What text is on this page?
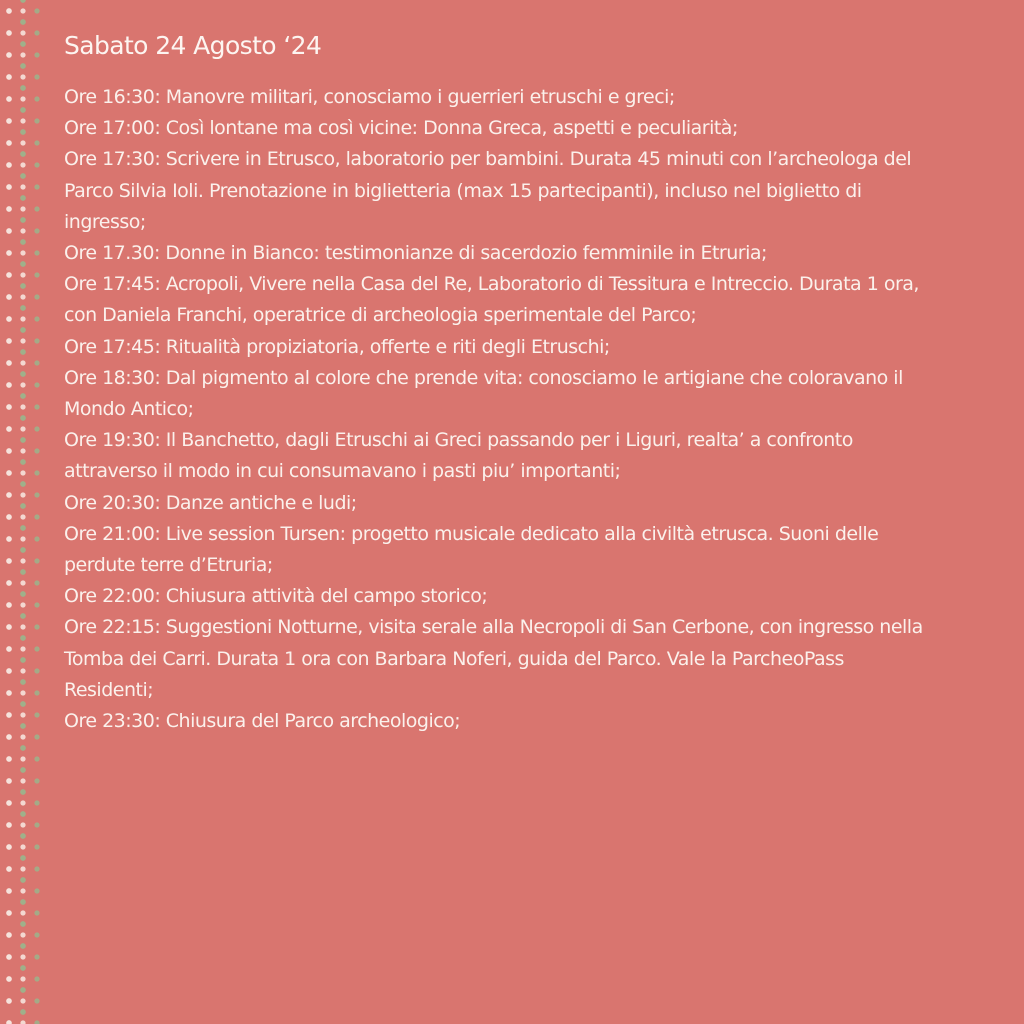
Sabato 24 Agosto ‘24

Ore 16:30: Manovre militari, conosciamo i guerrieri etruschi e greci;

Ore 17:00: Così lontane ma così vicine: Donna Greca, aspetti e peculiarità;

Ore 17:30: Scrivere in Etrusco, laboratorio per bambini. Durata 45 minuti con l’archeologa del

Parco Silvia Ioli. Prenotazione in biglietteria (max 15 partecipanti), incluso nel biglietto di

ingresso;

Ore 17.30: Donne in Bianco: testimonianze di sacerdozio femminile in Etruria;

Ore 17:45: Acropoli, Vivere nella Casa del Re, Laboratorio di Tessitura e Intreccio. Durata 1 ora,

con Daniela Franchi, operatrice di archeologia sperimentale del Parco;

Ore 17:45: Ritualità propiziatoria, offerte e riti degli Etruschi;

Ore 18:30: Dal pigmento al colore che prende vita: conosciamo le artigiane che coloravano il

Mondo Antico;

Ore 19:30: Il Banchetto, dagli Etruschi ai Greci passando per i Liguri, realta’ a confronto

attraverso il modo in cui consumavano i pasti piu’ importanti;

Ore 20:30: Danze antiche e ludi;

Ore 21:00: Live session Tursen: progetto musicale dedicato alla civiltà etrusca. Suoni delle

perdute terre d’Etruria;

Ore 22:00: Chiusura attività del campo storico;

Ore 22:15: Suggestioni Notturne, visita serale alla Necropoli di San Cerbone, con ingresso nella

Tomba dei Carri. Durata 1 ora con Barbara Noferi, guida del Parco. Vale la ParcheoPass

Residenti;

Ore 23:30: Chiusura del Parco archeologico;
